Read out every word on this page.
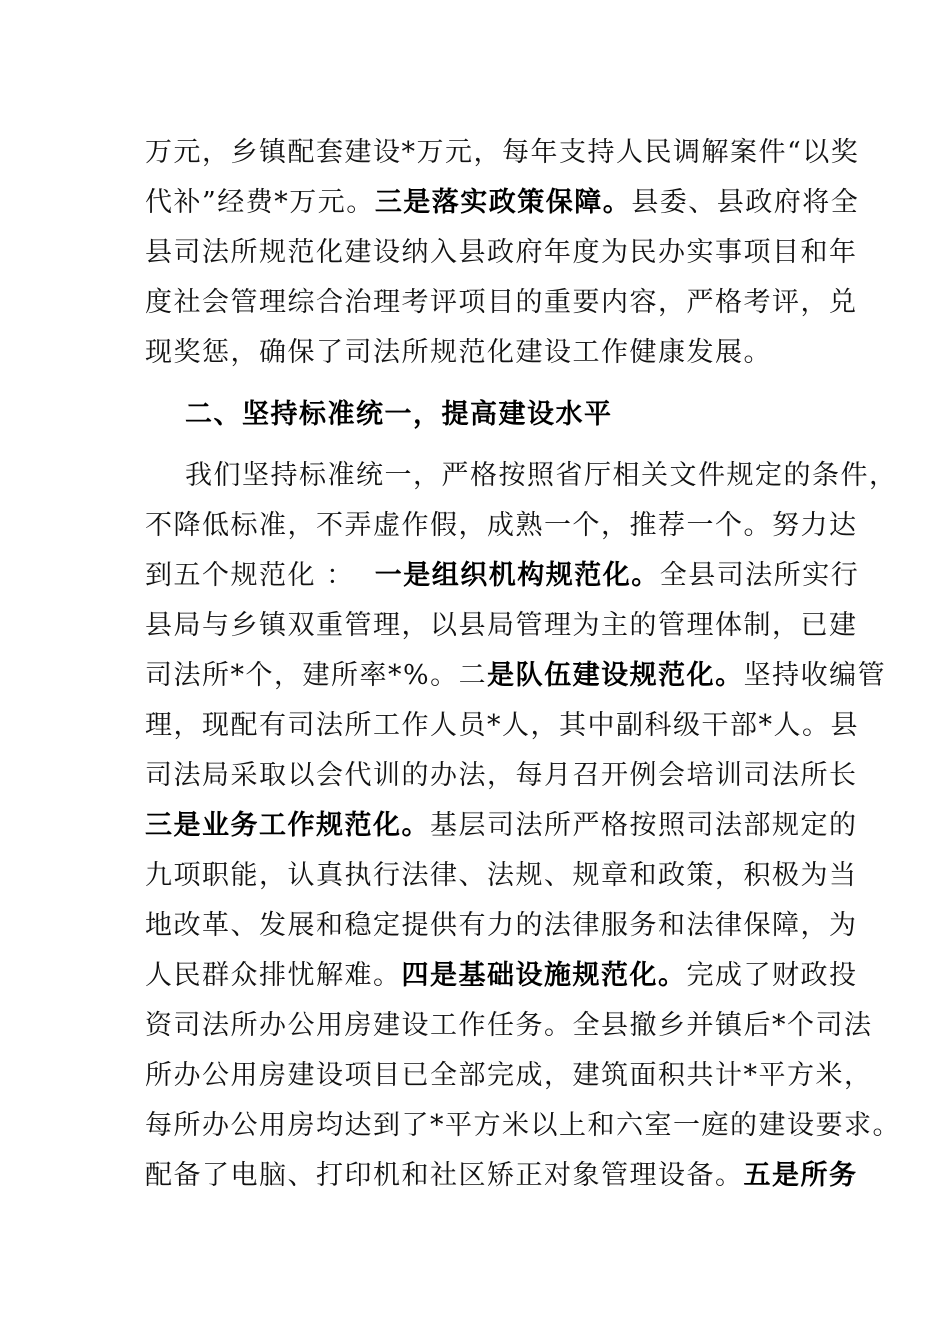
万元，乡镇配套建设*万元，每年支持人民调解案件“以奖
代补”经费*万元。三是落实政策保障。县委、县政府将全
县司法所规范化建设纳入县政府年度为民办实事项目和年
度社会管理综合治理考评项目的重要内容，严格考评，兑
现奖惩，确保了司法所规范化建设工作健康发展。
二、坚持标准统一，提高建设水平
我们坚持标准统一，严格按照省厅相关文件规定的条件，
不降低标准，不弄虚作假，成熟一个，推荐一个。努力达
到五个规范化 ：  一是组织机构规范化。全县司法所实行
县局与乡镇双重管理，以县局管理为主的管理体制，已建
司法所*个，建所率*%。二是队伍建设规范化。坚持收编管
理，现配有司法所工作人员*人，其中副科级干部*人。县
司法局采取以会代训的办法，每月召开例会培训司法所长
三是业务工作规范化。基层司法所严格按照司法部规定的
九项职能，认真执行法律、法规、规章和政策，积极为当
地改革、发展和稳定提供有力的法律服务和法律保障，为
人民群众排忧解难。四是基础设施规范化。完成了财政投
资司法所办公用房建设工作任务。全县撤乡并镇后*个司法
所办公用房建设项目已全部完成，建筑面积共计*平方米，
每所办公用房均达到了*平方米以上和六室一庭的建设要求。
配备了电脑、打印机和社区矫正对象管理设备。五是所务
